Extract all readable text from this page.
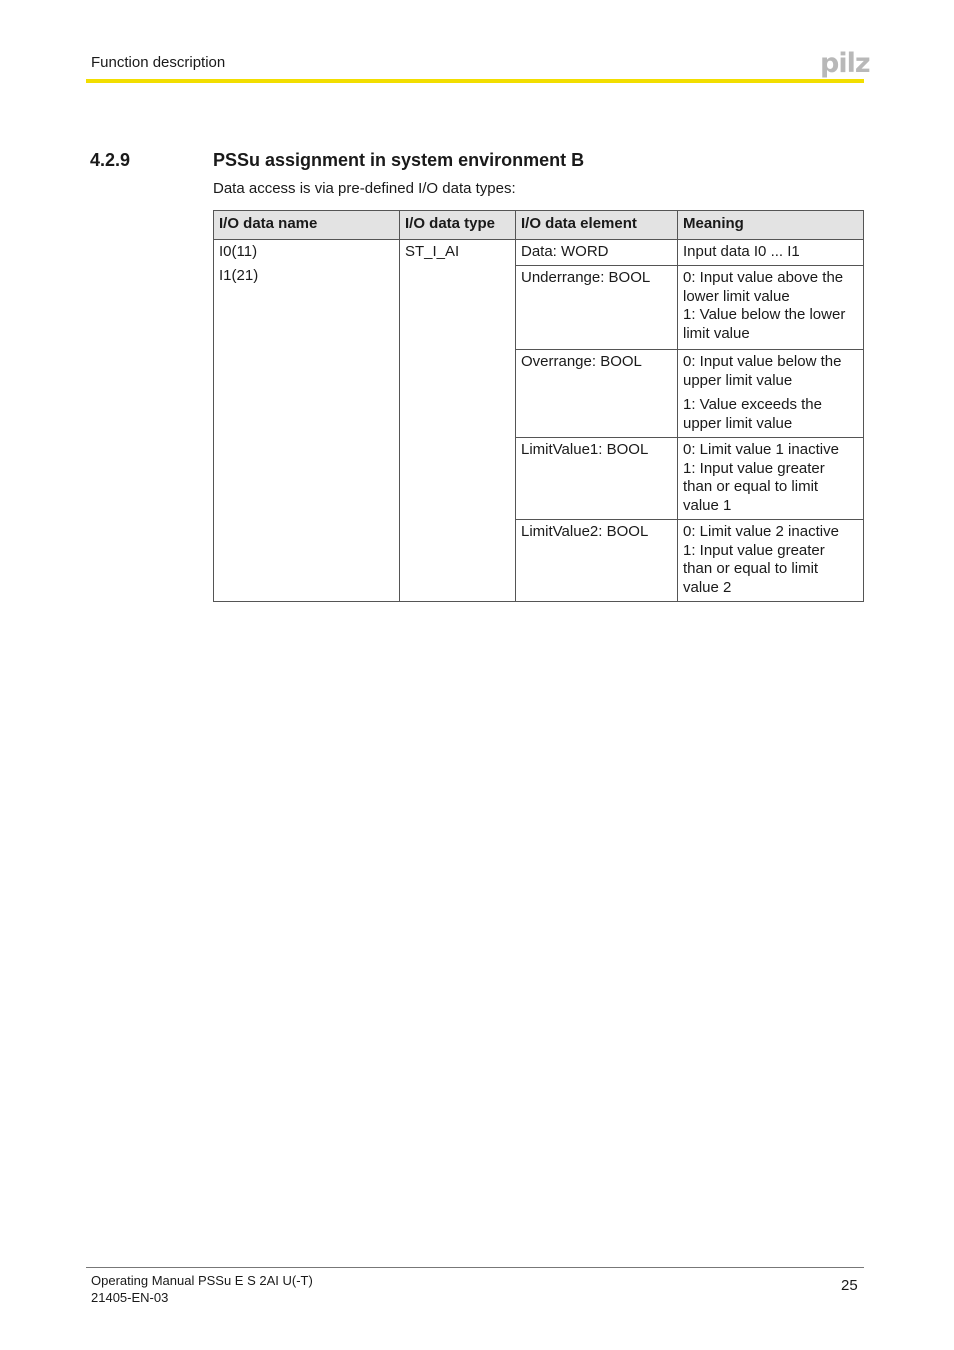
Function description	pilz
4.2.9	PSSu assignment in system environment B
Data access is via pre-defined I/O data types:
I/O data name	I/O data type	I/O data element	Meaning

I0(11)
I1(21)	ST_I_AI	Data: WORD	Input data I0 ... I1

		Underrange: BOOL	0: Input value above the lower limit value
1: Value below the lower limit value

		Overrange: BOOL	0: Input value below the upper limit value
1: Value exceeds the upper limit value

		LimitValue1: BOOL	0: Limit value 1 inactive
1: Input value greater than or equal to limit value 1

		LimitValue2: BOOL	0: Limit value 2 inactive
1: Input value greater than or equal to limit value 2
Operating Manual PSSu E S 2AI U(-T)
21405-EN-03
25
